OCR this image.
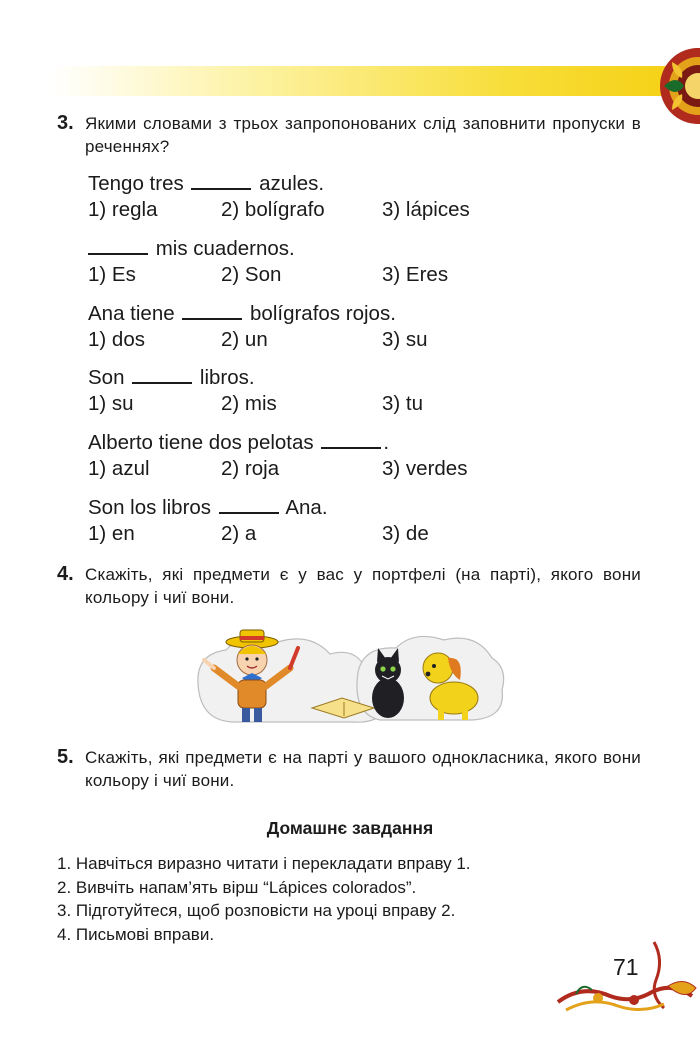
3. Якими словами з трьох запропонованих слід заповнити пропуски в реченнях?
Tengo tres	azules.
1) regla	2) bolígrafo	3) lápices
mis cuadernos.
1) Es	2) Son	3) Eres
Ana tiene	bolígrafos rojos.
1) dos	2) un	3) su
Son	libros.
1) su	2) mis	3) tu
Alberto tiene dos pelotas	.
1) azul	2) roja	3) verdes
Son los libros	Ana.
1) en	2) a	3) de
4. Скажіть, які предмети є у вас у портфелі (на парті), якого вони кольору і чиї вони.
5. Скажіть, які предмети є на парті у вашого однокласника, якого вони кольору і чиї вони.
Домашнє завдання
1. Навчіться виразно читати і перекладати вправу 1.
2. Вивчіть напам’ять вірш “Lápices colorados”.
3. Підготуйтеся, щоб розповісти на уроці вправу 2.
4. Письмові вправи.
71
